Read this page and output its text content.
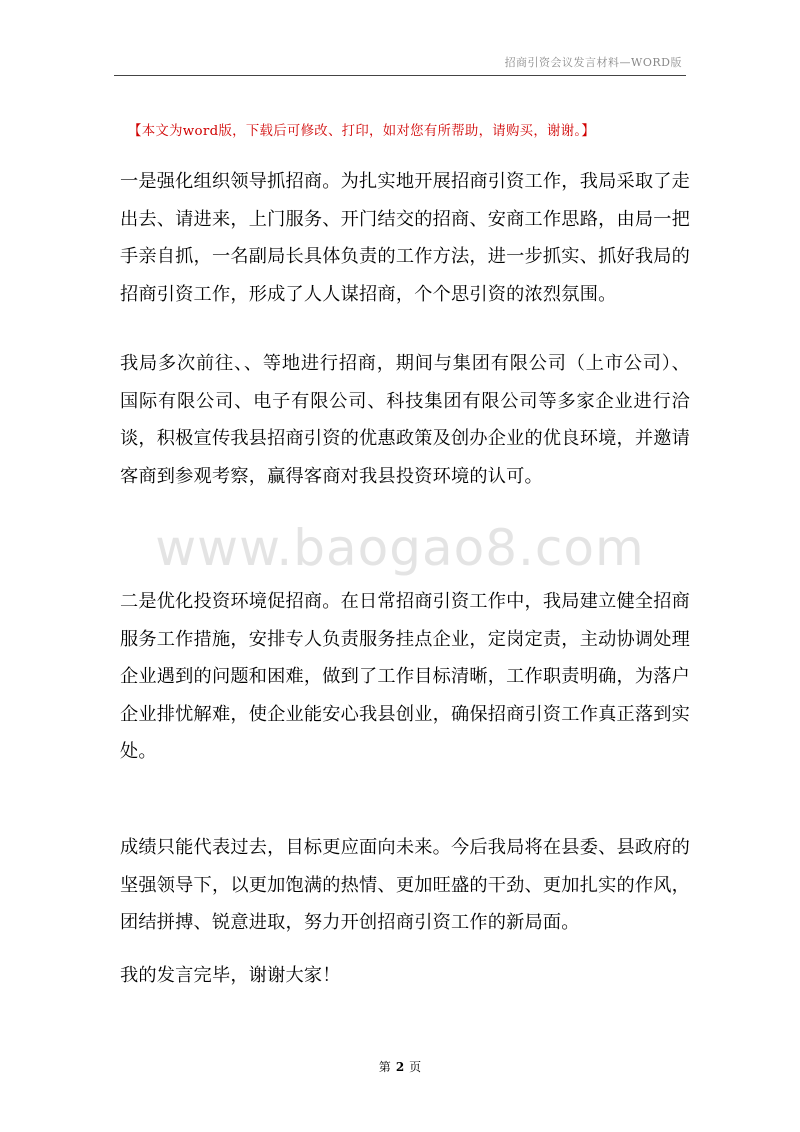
招商引资会议发言材料—WORD版
【本文为word版，下载后可修改、打印，如对您有所帮助，请购买，谢谢。】
www.baogao8.com
一是强化组织领导抓招商。为扎实地开展招商引资工作，我局采取了走出去、请进来，上门服务、开门结交的招商、安商工作思路，由局一把手亲自抓，一名副局长具体负责的工作方法，进一步抓实、抓好我局的招商引资工作，形成了人人谋招商，个个思引资的浓烈氛围。
我局多次前往、、等地进行招商，期间与集团有限公司（上市公司）、国际有限公司、电子有限公司、科技集团有限公司等多家企业进行洽谈，积极宣传我县招商引资的优惠政策及创办企业的优良环境，并邀请客商到参观考察，赢得客商对我县投资环境的认可。
二是优化投资环境促招商。在日常招商引资工作中，我局建立健全招商服务工作措施，安排专人负责服务挂点企业，定岗定责，主动协调处理企业遇到的问题和困难，做到了工作目标清晰，工作职责明确，为落户企业排忧解难，使企业能安心我县创业，确保招商引资工作真正落到实处。
成绩只能代表过去，目标更应面向未来。今后我局将在县委、县政府的坚强领导下，以更加饱满的热情、更加旺盛的干劲、更加扎实的作风，团结拼搏、锐意进取，努力开创招商引资工作的新局面。
我的发言完毕，谢谢大家！
第 2 页
